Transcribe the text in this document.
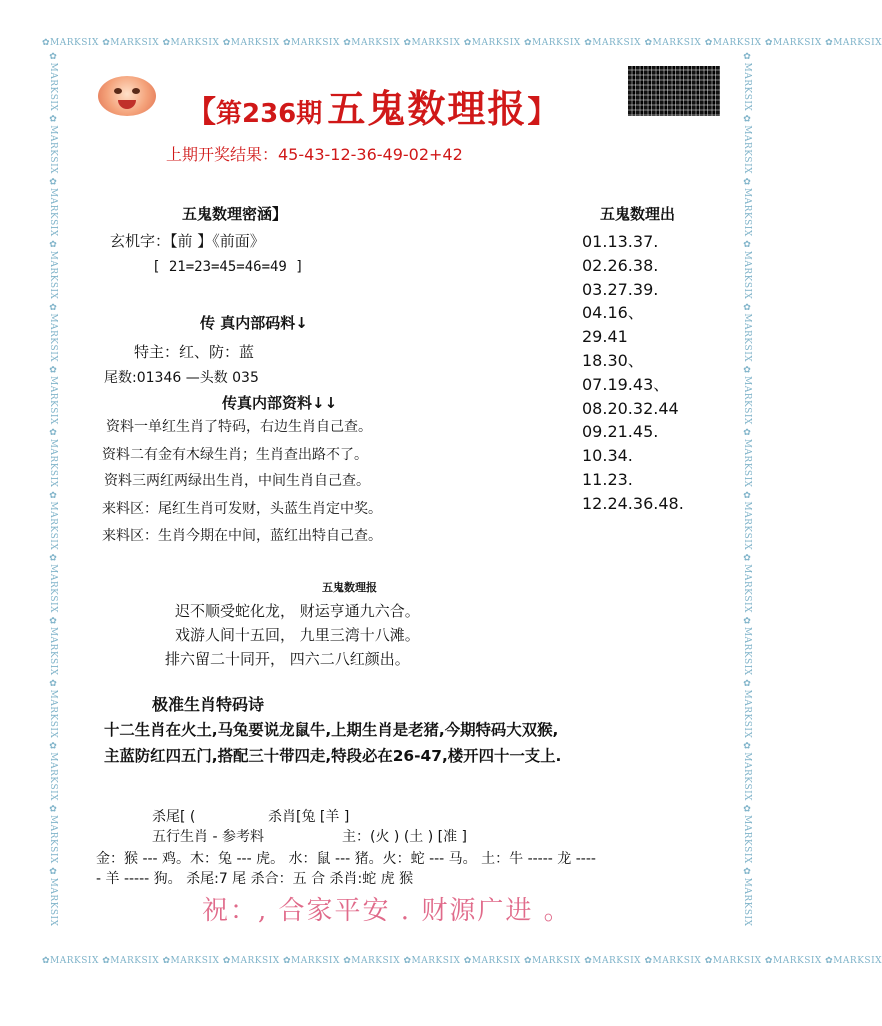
✿MARKSIX ✿MARKSIX ✿MARKSIX ✿MARKSIX ✿MARKSIX ✿MARKSIX ✿MARKSIX ✿MARKSIX ✿MARKSIX ✿MARKSIX ✿MARKSIX ✿MARKSIX ✿MARKSIX ✿MARKSIX
✿MARKSIX ✿MARKSIX ✿MARKSIX ✿MARKSIX ✿MARKSIX ✿MARKSIX ✿MARKSIX ✿MARKSIX ✿MARKSIX ✿MARKSIX ✿MARKSIX ✿MARKSIX ✿MARKSIX ✿MARKSIX
✿MARKSIX ✿MARKSIX ✿MARKSIX ✿MARKSIX ✿MARKSIX ✿MARKSIX ✿MARKSIX ✿MARKSIX ✿MARKSIX ✿MARKSIX ✿MARKSIX ✿MARKSIX ✿MARKSIX ✿MARKSIX	✿MARKSIX ✿MARKSIX ✿MARKSIX ✿MARKSIX ✿MARKSIX ✿MARKSIX ✿MARKSIX ✿MARKSIX ✿MARKSIX ✿MARKSIX ✿MARKSIX ✿MARKSIX ✿MARKSIX ✿MARKSIX
【第236期 五鬼数理报】
上期开奖结果：45-43-12-36-49-02+42
五鬼数理密涵】
玄机字：【前 】《前面》
[ 21=23=45=46=49 ]
传 真内部码料↓
特主：红、防：蓝
尾数:01346 —头数 035
传真内部资料↓↓
资料一单红生肖了特码，右边生肖自己查。
资料二有金有木绿生肖；生肖查出路不了。
资料三两红两绿出生肖，中间生肖自己查。
来料区：尾红生肖可发财，头蓝生肖定中奖。
来料区：生肖今期在中间，蓝红出特自己查。
五鬼数理出
01.13.37.
02.26.38.
03.27.39.
04.16、
29.41
18.30、
07.19.43、
08.20.32.44
09.21.45.
10.34.
11.23.
12.24.36.48.
五鬼数理报
迟不顺受蛇化龙， 财运亨通九六合。
戏游人间十五回， 九里三湾十八滩。
排六留二十同开， 四六二八红颜出。
极准生肖特码诗
十二生肖在火土,马兔要说龙鼠牛,上期生肖是老猪,今期特码大双猴,
主蓝防红四五门,搭配三十带四走,特段必在26-47,楼开四十一支上.
杀尾[ (	杀肖[兔 [羊 ]
五行生肖 - 参考料	主：(火 ) (土 ) [准 ]
金：猴 --- 鸡。木：兔 --- 虎。 水：鼠 --- 猪。火：蛇 --- 马。 土：牛 ----- 龙 ----
- 羊 ----- 狗。 杀尾:7 尾 杀合：五 合 杀肖:蛇 虎 猴
祝：, 合家平安 . 财源广进 。
